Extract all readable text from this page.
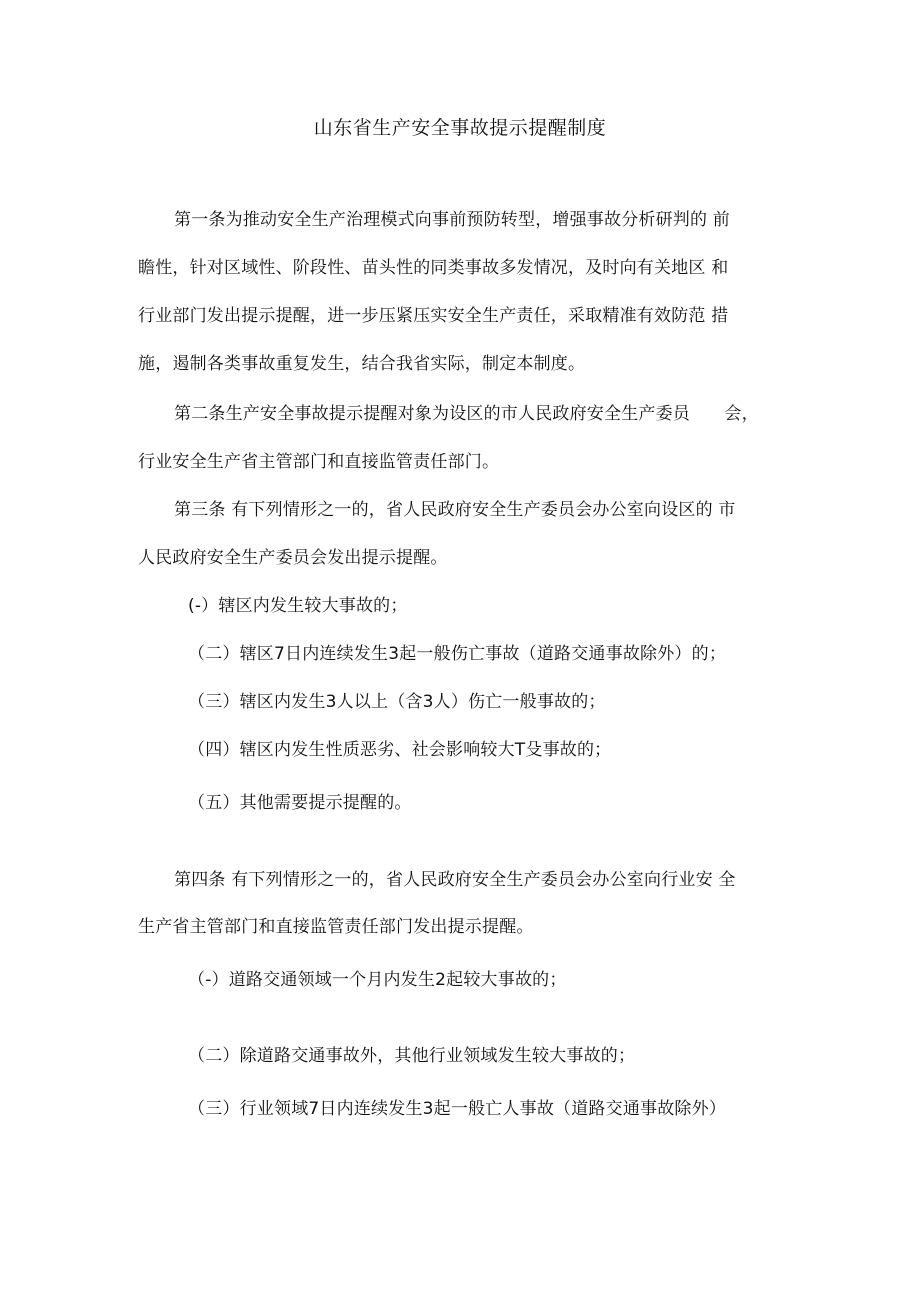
山东省生产安全事故提示提醒制度
第一条为推动安全生产治理模式向事前预防转型，增强事故分析研判的 前
瞻性，针对区域性、阶段性、苗头性的同类事故多发情况，及时向有关地区 和
行业部门发出提示提醒，进一步压紧压实安全生产责任，采取精准有效防范 措
施，遏制各类事故重复发生，结合我省实际，制定本制度。
第二条生产安全事故提示提醒对象为设区的市人民政府安全生产委员　　会，
行业安全生产省主管部门和直接监管责任部门。
第三条 有下列情形之一的，省人民政府安全生产委员会办公室向设区的 市
人民政府安全生产委员会发出提示提醒。
(-）辖区内发生较大事故的；
（二）辖区7日内连续发生3起一般伤亡事故（道路交通事故除外）的；
（三）辖区内发生3人以上（含3人）伤亡一般事故的；
（四）辖区内发生性质恶劣、社会影响较大T殳事故的；
（五）其他需要提示提醒的。
第四条 有下列情形之一的，省人民政府安全生产委员会办公室向行业安 全
生产省主管部门和直接监管责任部门发出提示提醒。
（-）道路交通领域一个月内发生2起较大事故的；
（二）除道路交通事故外，其他行业领域发生较大事故的；
（三）行业领域7日内连续发生3起一般亡人事故（道路交通事故除外）
